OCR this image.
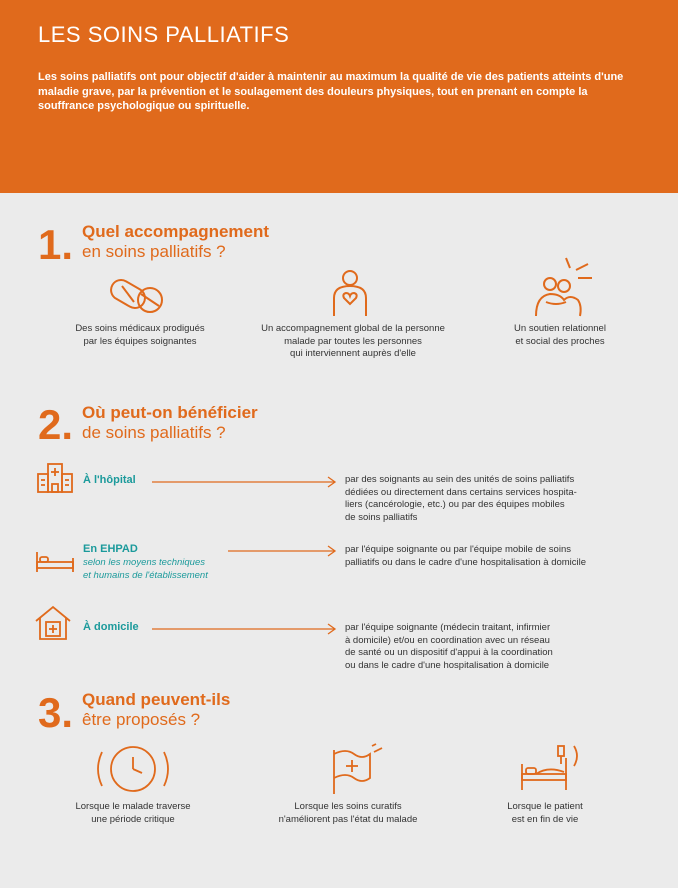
LES SOINS PALLIATIFS

Les soins palliatifs ont pour objectif d'aider à maintenir au maximum la qualité de vie des patients atteints d'une maladie grave, par la prévention et le soulagement des douleurs physiques, tout en prenant en compte la souffrance psychologique ou spirituelle.

1. Quel accompagnement
en soins palliatifs ?
Des soins médicaux prodigués
par les équipes soignantes
Un accompagnement global de la personne
malade par toutes les personnes
qui interviennent auprès d'elle
Un soutien relationnel
et social des proches
2. Où peut-on bénéficier
de soins palliatifs ?
À l'hôpital	par des soignants au sein des unités de soins palliatifs
dédiées ou directement dans certains services hospita-
liers (cancérologie, etc.) ou par des équipes mobiles
de soins palliatifs
En EHPAD
selon les moyens techniques
et humains de l'établissement
par l'équipe soignante ou par l'équipe mobile de soins
palliatifs ou dans le cadre d'une hospitalisation à domicile
À domicile	par l'équipe soignante (médecin traitant, infirmier
à domicile) et/ou en coordination avec un réseau
de santé ou un dispositif d'appui à la coordination
ou dans le cadre d'une hospitalisation à domicile
3. Quand peuvent-ils
être proposés ?
Lorsque le malade traverse
une période critique
Lorsque les soins curatifs
n'améliorent pas l'état du malade
Lorsque le patient
est en fin de vie
